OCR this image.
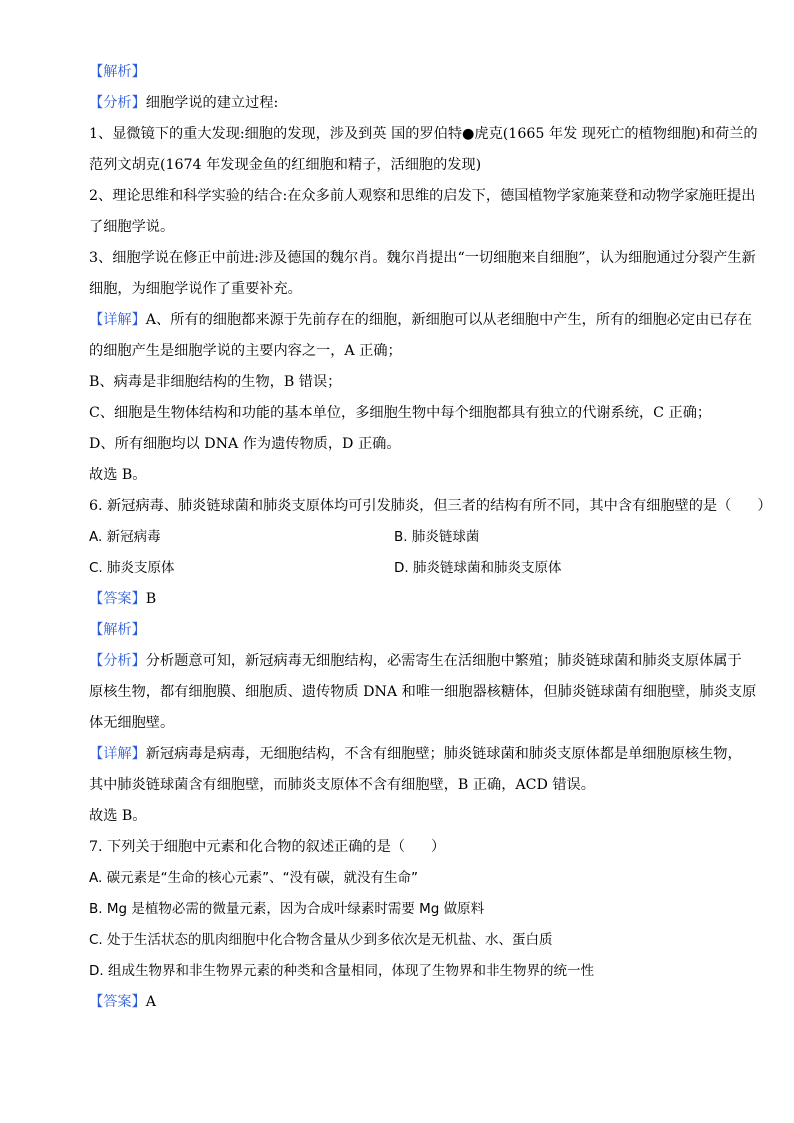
【解析】
【分析】细胞学说的建立过程:
1、显微镜下的重大发现:细胞的发现，涉及到英 国的罗伯特●虎克(1665 年发 现死亡的植物细胞)和荷兰的
范列文胡克(1674 年发现金鱼的红细胞和精子，活细胞的发现)
2、理论思维和科学实验的结合:在众多前人观察和思维的启发下，德国植物学家施莱登和动物学家施旺提出
了细胞学说。
3、细胞学说在修正中前进:涉及德国的魏尔肖。魏尔肖提出“一切细胞来自细胞”，认为细胞通过分裂产生新
细胞，为细胞学说作了重要补充。
【详解】A、所有的细胞都来源于先前存在的细胞，新细胞可以从老细胞中产生，所有的细胞必定由已存在
的细胞产生是细胞学说的主要内容之一，A 正确；
B、病毒是非细胞结构的生物，B 错误；
C、细胞是生物体结构和功能的基本单位，多细胞生物中每个细胞都具有独立的代谢系统，C 正确；
D、所有细胞均以 DNA 作为遗传物质，D 正确。
故选 B。
6. 新冠病毒、肺炎链球菌和肺炎支原体均可引发肺炎，但三者的结构有所不同，其中含有细胞壁的是（ ）
A. 新冠病毒	B. 肺炎链球菌
C. 肺炎支原体	D. 肺炎链球菌和肺炎支原体
【答案】B
【解析】
【分析】分析题意可知，新冠病毒无细胞结构，必需寄生在活细胞中繁殖；肺炎链球菌和肺炎支原体属于
原核生物，都有细胞膜、细胞质、遗传物质 DNA 和唯一细胞器核糖体，但肺炎链球菌有细胞壁，肺炎支原
体无细胞壁。
【详解】新冠病毒是病毒，无细胞结构，不含有细胞壁；肺炎链球菌和肺炎支原体都是单细胞原核生物，
其中肺炎链球菌含有细胞壁，而肺炎支原体不含有细胞壁，B 正确，ACD 错误。
故选 B。
7. 下列关于细胞中元素和化合物的叙述正确的是（ ）
A. 碳元素是“生命的核心元素”、“没有碳，就没有生命”
B. Mg 是植物必需的微量元素，因为合成叶绿素时需要 Mg 做原料
C. 处于生活状态的肌肉细胞中化合物含量从少到多依次是无机盐、水、蛋白质
D. 组成生物界和非生物界元素的种类和含量相同，体现了生物界和非生物界的统一性
【答案】A
